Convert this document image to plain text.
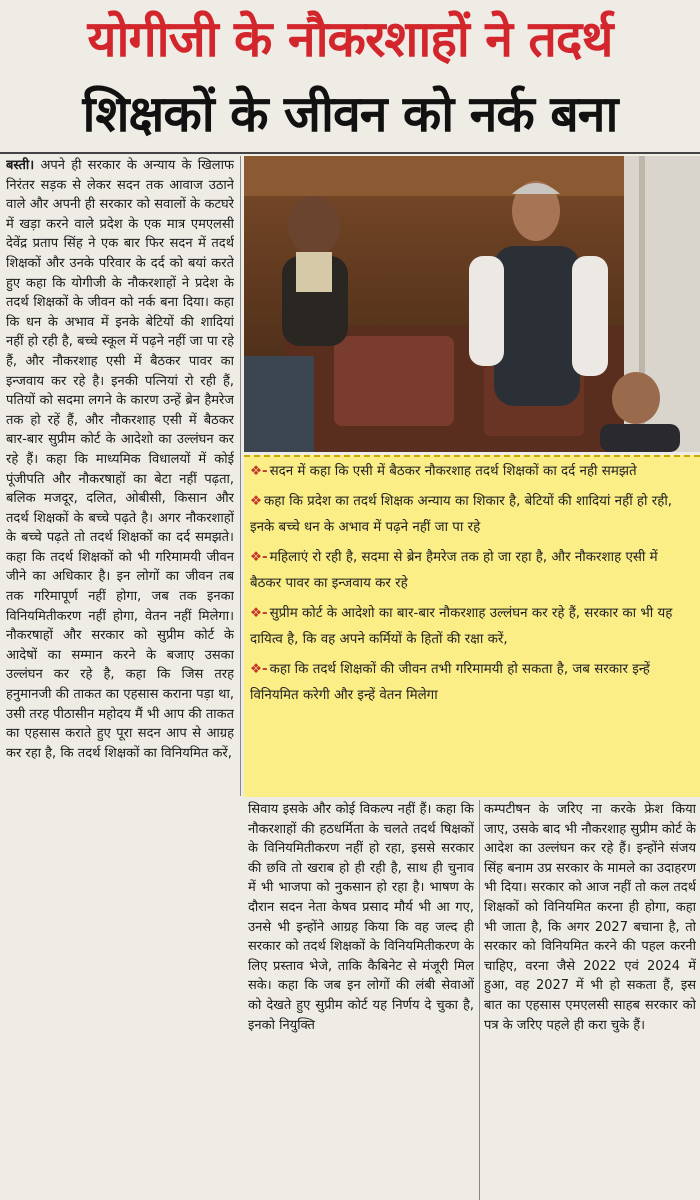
योगीजी के नौकरशाहों ने तदर्थ
शिक्षकों के जीवन को नर्क बना
बस्ती। अपने ही सरकार के अन्याय के खिलाफ निरंतर सड़क से लेकर सदन तक आवाज उठाने वाले और अपनी ही सरकार को सवालों के कटघरे में खड़ा करने वाले प्रदेश के एक मात्र एमएलसी देवेंद्र प्रताप सिंह ने एक बार फिर सदन में तदर्थ शिक्षकों और उनके परिवार के दर्द को बयां करते हुए कहा कि योगीजी के नौकरशाहों ने प्रदेश के तदर्थ शिक्षकों के जीवन को नर्क बना दिया। कहा कि धन के अभाव में इनके बेटियों की शादियां नहीं हो रही है, बच्चे स्कूल में पढ़ने नहीं जा पा रहे हैं, और नौकरशाह एसी में बैठकर पावर का इन्जवाय कर रहे है। इनकी पत्नियां रो रही हैं, पतियों को सदमा लगने के कारण उन्हें ब्रेन हैमरेज तक हो रहें हैं, और नौकरशाह एसी में बैठकर बार-बार सुप्रीम कोर्ट के आदेशो का उल्लंघन कर रहे हैं। कहा कि माध्यमिक विधालयों में कोई पूंजीपति और नौकरषाहों का बेटा नहीं पढ़ता, बलिक मजदूर, दलित, ओबीसी, किसान और तदर्थ शिक्षकों के बच्चे पढ़ते है। अगर नौकरशाहों के बच्चे पढ़ते तो तदर्थ शिक्षकों का दर्द समझते। कहा कि तदर्थ शिक्षकों को भी गरिमामयी जीवन जीने का अधिकार है। इन लोगों का जीवन तब तक गरिमापूर्ण नहीं होगा, जब तक इनका विनियमितीकरण नहीं होगा, वेतन नहीं मिलेगा। नौकरषाहों और सरकार को सुप्रीम कोर्ट के आदेषों का सम्मान करने के बजाए उसका उल्लंघन कर रहे है, कहा कि जिस तरह हनुमानजी की ताकत का एहसास कराना पड़ा था, उसी तरह पीठासीन महोदय मैं भी आप की ताकत का एहसास कराते हुए पूरा सदन आप से आग्रह कर रहा है, कि तदर्थ शिक्षकों का विनियमित करें,
❖- सदन में कहा कि एसी में बैठकर नौकरशाह तदर्थ शिक्षकों का दर्द नही समझते
❖ कहा कि प्रदेश का तदर्थ शिक्षक अन्याय का शिकार है, बेटियों की शादियां नहीं हो रही, इनके बच्चे धन के अभाव में पढ़ने नहीं जा पा रहे
❖- महिलाएं रो रही है, सदमा से ब्रेन हैमरेज तक हो जा रहा है, और नौकरशाह एसी में बैठकर पावर का इन्जवाय कर रहे
❖- सुप्रीम कोर्ट के आदेशो का बार-बार नौकरशाह उल्लंघन कर रहे हैं, सरकार का भी यह दायित्व है, कि वह अपने कर्मियों के हितों की रक्षा करें,
❖- कहा कि तदर्थ शिक्षकों की जीवन तभी गरिमामयी हो सकता है, जब सरकार इन्हें विनियमित करेगी और इन्हें वेतन मिलेगा
सिवाय इसके और कोई विकल्प नहीं हैं। कहा कि नौकरशाहों की हठधर्मिता के चलते तदर्थ षिक्षकों के विनियमितीकरण नहीं हो रहा, इससे सरकार की छवि तो खराब हो ही रही है, साथ ही चुनाव में भी भाजपा को नुकसान हो रहा है। भाषण के दौरान सदन नेता केषव प्रसाद मौर्य भी आ गए, उनसे भी इन्होंने आग्रह किया कि वह जल्द ही सरकार को तदर्थ शिक्षकों के विनियमितीकरण के लिए प्रस्ताव भेजे, ताकि कैबिनेट से मंजूरी मिल सके। कहा कि जब इन लोगों की लंबी सेवाओं को देखते हुए सुप्रीम कोर्ट यह निर्णय दे चुका है, इनको नियुक्ति
कम्पटीषन के जरिए ना करके फ्रेश किया जाए, उसके बाद भी नौकरशाह सुप्रीम कोर्ट के आदेश का उल्लंघन कर रहे हैं। इन्होंने संजय सिंह बनाम उप्र सरकार के मामले का उदाहरण भी दिया। सरकार को आज नहीं तो कल तदर्थ शिक्षकों को विनियमित करना ही होगा, कहा भी जाता है, कि अगर 2027 बचाना है, तो सरकार को विनियमित करने की पहल करनी चाहिए, वरना जैसे 2022 एवं 2024 में हुआ, वह 2027 में भी हो सकता हैं, इस बात का एहसास एमएलसी साहब सरकार को पत्र के जरिए पहले ही करा चुके हैं।
